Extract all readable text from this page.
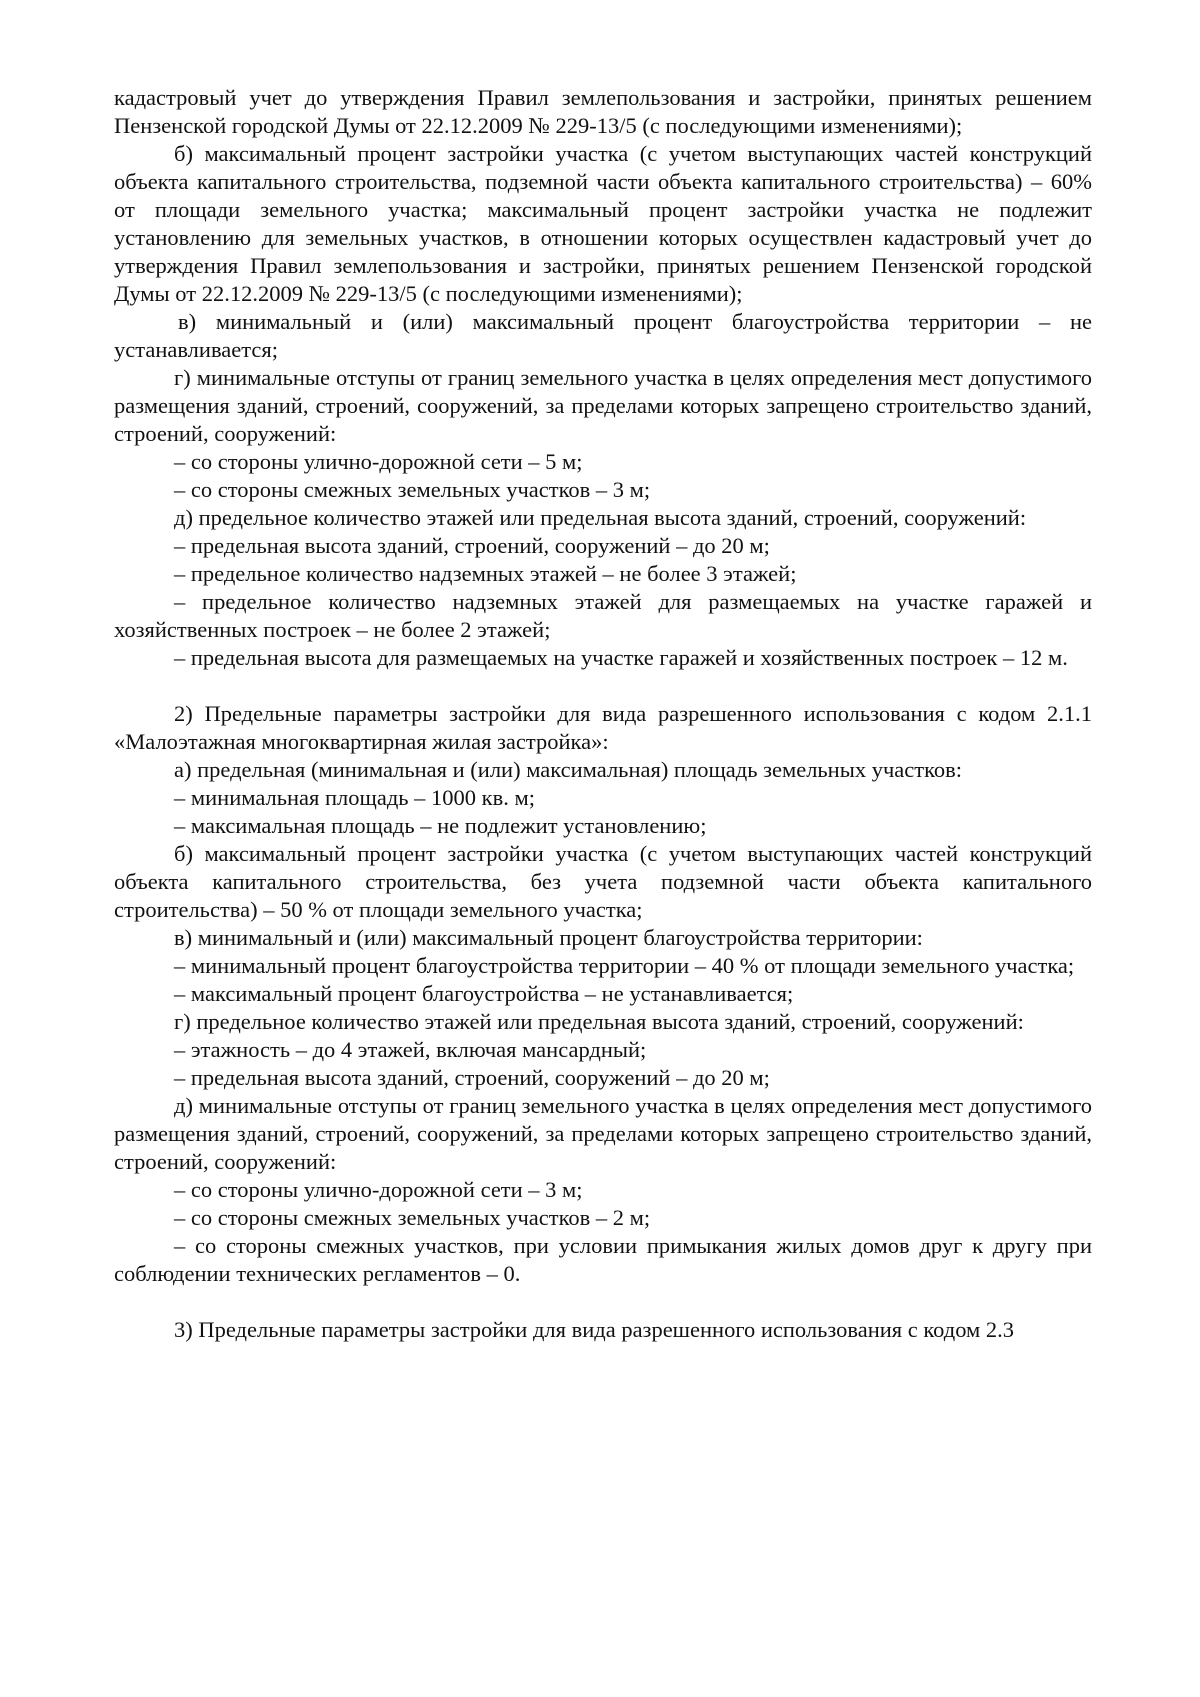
кадастровый учет до утверждения Правил землепользования и застройки, принятых решением Пензенской городской Думы от 22.12.2009 № 229-13/5 (с последующими изменениями);

б) максимальный процент застройки участка (с учетом выступающих частей конструкций объекта капитального строительства, подземной части объекта капитального строительства) – 60% от площади земельного участка; максимальный процент застройки участка не подлежит установлению для земельных участков, в отношении которых осуществлен кадастровый учет до утверждения Правил землепользования и застройки, принятых решением Пензенской городской Думы от 22.12.2009 № 229-13/5 (с последующими изменениями);

в) минимальный и (или) максимальный процент благоустройства территории – не устанавливается;

г) минимальные отступы от границ земельного участка в целях определения мест допустимого размещения зданий, строений, сооружений, за пределами которых запрещено строительство зданий, строений, сооружений:

– со стороны улично-дорожной сети – 5 м;

– со стороны смежных земельных участков – 3 м;

д) предельное количество этажей или предельная высота зданий, строений, сооружений:

– предельная высота зданий, строений, сооружений – до 20 м;

– предельное количество надземных этажей – не более 3 этажей;

– предельное количество надземных этажей для размещаемых на участке гаражей и хозяйственных построек – не более 2 этажей;

– предельная высота для размещаемых на участке гаражей и хозяйственных построек – 12 м.

2) Предельные параметры застройки для вида разрешенного использования с кодом 2.1.1 «Малоэтажная многоквартирная жилая застройка»:

а) предельная (минимальная и (или) максимальная) площадь земельных участков:

– минимальная площадь – 1000 кв. м;

– максимальная площадь – не подлежит установлению;

б) максимальный процент застройки участка (с учетом выступающих частей конструкций объекта капитального строительства, без учета подземной части объекта капитального строительства) – 50 % от площади земельного участка;

в) минимальный и (или) максимальный процент благоустройства территории:

– минимальный процент благоустройства территории – 40 % от площади земельного участка;

– максимальный процент благоустройства – не устанавливается;

г) предельное количество этажей или предельная высота зданий, строений, сооружений:

– этажность – до 4 этажей, включая мансардный;

– предельная высота зданий, строений, сооружений – до 20 м;

д) минимальные отступы от границ земельного участка в целях определения мест допустимого размещения зданий, строений, сооружений, за пределами которых запрещено строительство зданий, строений, сооружений:

– со стороны улично-дорожной сети – 3 м;

– со стороны смежных земельных участков – 2 м;

– со стороны смежных участков, при условии примыкания жилых домов друг к другу при соблюдении технических регламентов – 0.

3) Предельные параметры застройки для вида разрешенного использования с кодом 2.3
